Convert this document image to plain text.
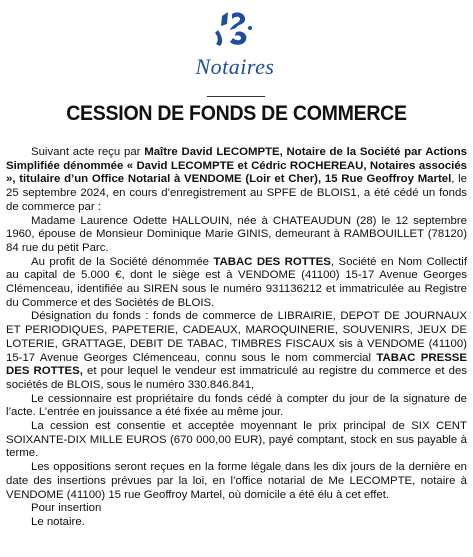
Notaires
CESSION DE FONDS DE COMMERCE

Suivant acte reçu par Maître David LECOMPTE, Notaire de la Société par Actions Simplifiée dénommée « David LECOMPTE et Cédric ROCHEREAU, Notaires associés », titulaire d’un Office Notarial à VENDOME (Loir et Cher), 15 Rue Geoffroy Martel, le 25 septembre 2024, en cours d’enregistrement au SPFE de BLOIS1, a été cédé un fonds de commerce par :

Madame Laurence Odette HALLOUIN, née à CHATEAUDUN (28) le 12 septembre 1960, épouse de Monsieur Dominique Marie GINIS, demeurant à RAMBOUILLET (78120) 84 rue du petit Parc.

Au profit de la Société dénommée TABAC DES ROTTES, Société en Nom Collectif au capital de 5.000 €, dont le siège est à VENDOME (41100) 15-17 Avenue Georges Clémenceau, identifiée au SIREN sous le numéro 931136212 et immatriculée au Registre du Commerce et des Sociétés de BLOIS.

Désignation du fonds : fonds de commerce de LIBRAIRIE, DEPOT DE JOURNAUX ET PERIODIQUES, PAPETERIE, CADEAUX, MAROQUINERIE, SOUVENIRS, JEUX DE LOTERIE, GRATTAGE, DEBIT DE TABAC, TIMBRES FISCAUX sis à VENDOME (41100) 15-17 Avenue Georges Clémenceau, connu sous le nom commercial TABAC PRESSE DES ROTTES, et pour lequel le vendeur est immatriculé au registre du commerce et des sociétés de BLOIS, sous le numéro 330.846.841,

Le cessionnaire est propriétaire du fonds cédé à compter du jour de la signature de l’acte. L’entrée en jouissance a été fixée au même jour.

La cession est consentie et acceptée moyennant le prix principal de SIX CENT SOIXANTE-DIX MILLE EUROS (670 000,00 EUR), payé comptant, stock en sus payable à terme.

Les oppositions seront reçues en la forme légale dans les dix jours de la dernière en date des insertions prévues par la loi, en l’office notarial de Me LECOMPTE, notaire à VENDOME (41100) 15 rue Geoffroy Martel, où domicile a été élu à cet effet.

Pour insertion

Le notaire.
